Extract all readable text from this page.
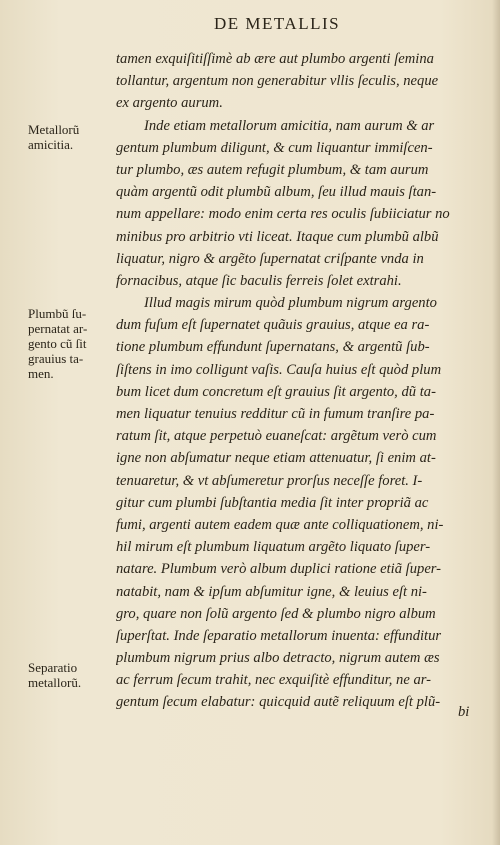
DE METALLIS
Metallorũ
amicitia.
Plumbũ ſu-
pernatat ar-
gento cũ ſit
grauius ta-
men.
Separatio
metallorũ.
tamen exquiſitiſſimè ab ære aut plumbo argenti ſemina
tollantur, argentum non generabitur vllis ſeculis, neque
ex argento aurum.
Inde etiam metallorum amicitia, nam aurum & ar
gentum plumbum diligunt, & cum liquantur immiſcen-
tur plumbo, æs autem refugit plumbum, & tam aurum
quàm argentũ odit plumbũ album, ſeu illud mauis ſtan-
num appellare: modo enim certa res oculis ſubiiciatur no
minibus pro arbitrio vti liceat. Itaque cum plumbũ albũ
liquatur, nigro & argẽto ſupernatat criſpante vnda in
fornacibus, atque ſic baculis ferreis ſolet extrahi.
Illud magis mirum quòd plumbum nigrum argento
dum fuſum eſt ſupernatet quãuis grauius, atque ea ra-
tione plumbum effundunt ſupernatans, & argentũ ſub-
ſiſtens in imo colligunt vaſis. Cauſa huius eſt quòd plum
bum licet dum concretum eſt grauius ſit argento, dũ ta-
men liquatur tenuius redditur cũ in fumum tranſire pa-
ratum ſit, atque perpetuò euaneſcat: argẽtum verò cum
igne non abſumatur neque etiam attenuatur, ſi enim at-
tenuaretur, & vt abſumeretur prorſus neceſſe foret. I-
gitur cum plumbi ſubſtantia media ſit inter propriã ac
fumi, argenti autem eadem quæ ante colliquationem, ni-
hil mirum eſt plumbum liquatum argẽto liquato ſuper-
natare. Plumbum verò album duplici ratione etiã ſuper-
natabit, nam & ipſum abſumitur igne, & leuius eſt ni-
gro, quare non ſolũ argento ſed & plumbo nigro album
ſuperſtat. Inde ſeparatio metallorum inuenta: effunditur
plumbum nigrum prius albo detracto, nigrum autem æs
ac ferrum ſecum trahit, nec exquiſitè effunditur, ne ar-
gentum ſecum elabatur: quicquid autẽ reliquum eſt plũ-
bi
